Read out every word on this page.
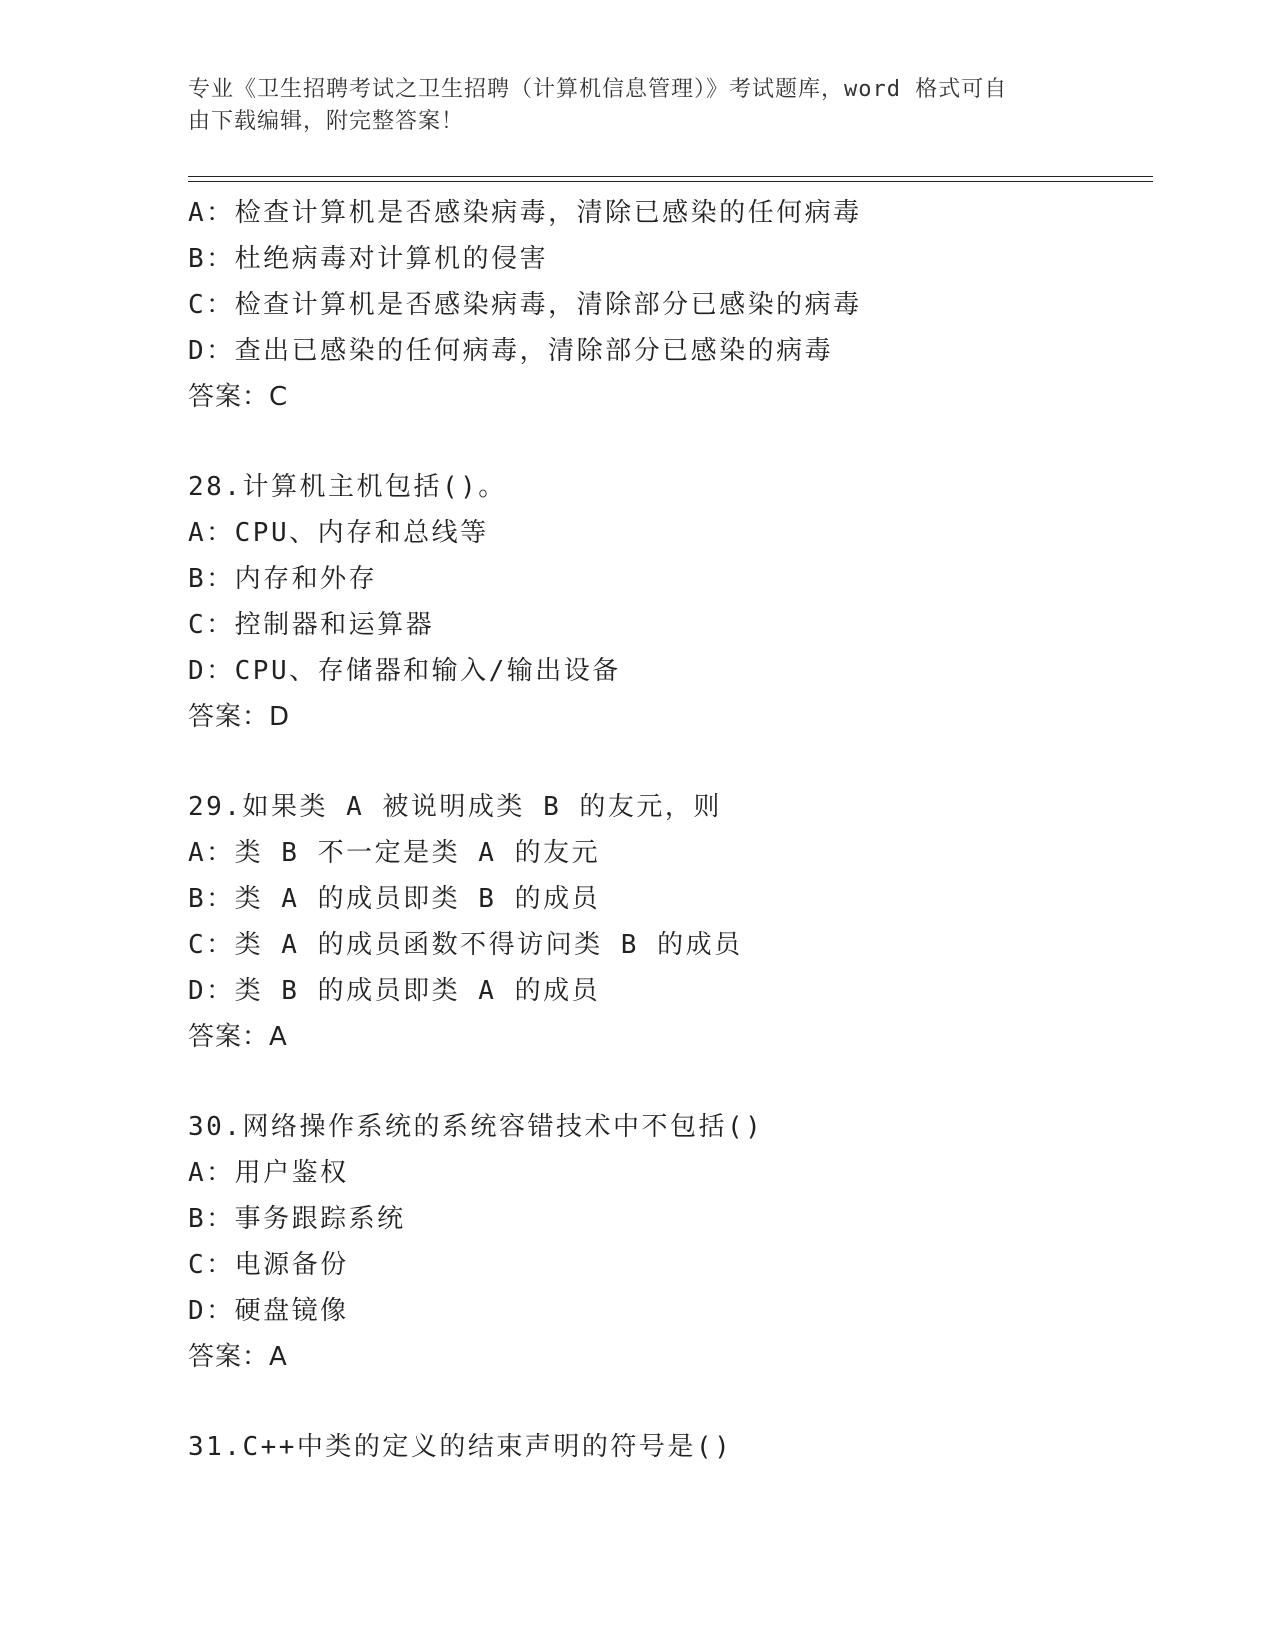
专业《卫生招聘考试之卫生招聘（计算机信息管理）》考试题库，word 格式可自
由下载编辑，附完整答案！
A：检查计算机是否感染病毒，清除已感染的任何病毒
B：杜绝病毒对计算机的侵害
C：检查计算机是否感染病毒，清除部分已感染的病毒
D：查出已感染的任何病毒，清除部分已感染的病毒
答案：C
28.计算机主机包括()。
A：CPU、内存和总线等
B：内存和外存
C：控制器和运算器
D：CPU、存储器和输入/输出设备
答案：D
29.如果类 A 被说明成类 B 的友元，则
A：类 B 不一定是类 A 的友元
B：类 A 的成员即类 B 的成员
C：类 A 的成员函数不得访问类 B 的成员
D：类 B 的成员即类 A 的成员
答案：A
30.网络操作系统的系统容错技术中不包括()
A：用户鉴权
B：事务跟踪系统
C：电源备份
D：硬盘镜像
答案：A
31.C++中类的定义的结束声明的符号是()
